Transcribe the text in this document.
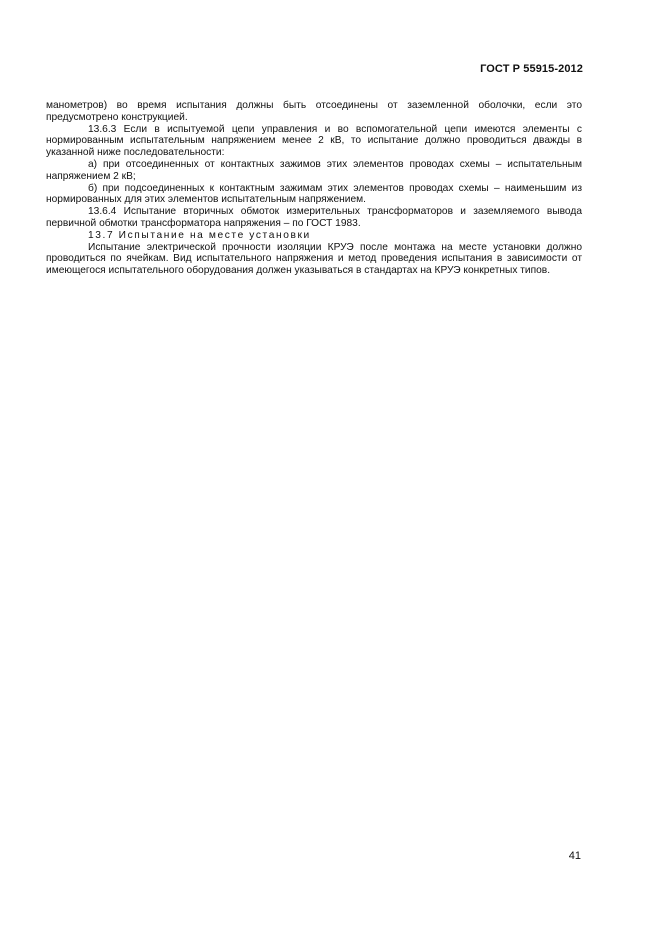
ГОСТ Р 55915-2012

манометров) во время испытания должны быть отсоединены от заземленной оболочки, если это предусмотрено конструкцией.

13.6.3 Если в испытуемой цепи управления и во вспомогательной цепи имеются элементы с нормированным испытательным напряжением менее 2 кВ, то испытание должно проводиться дважды в указанной ниже последовательности:

а) при отсоединенных от контактных зажимов этих элементов проводах схемы – испытательным напряжением 2 кВ;

б) при подсоединенных к контактным зажимам этих элементов проводах схемы – наименьшим из нормированных для этих элементов испытательным напряжением.

13.6.4 Испытание вторичных обмоток измерительных трансформаторов и заземляемого вывода первичной обмотки трансформатора напряжения – по ГОСТ 1983.

13.7 Испытание на месте установки

Испытание электрической прочности изоляции КРУЭ после монтажа на месте установки должно проводиться по ячейкам. Вид испытательного напряжения и метод проведения испытания в зависимости от имеющегося испытательного оборудования должен указываться в стандартах на КРУЭ конкретных типов.

41
